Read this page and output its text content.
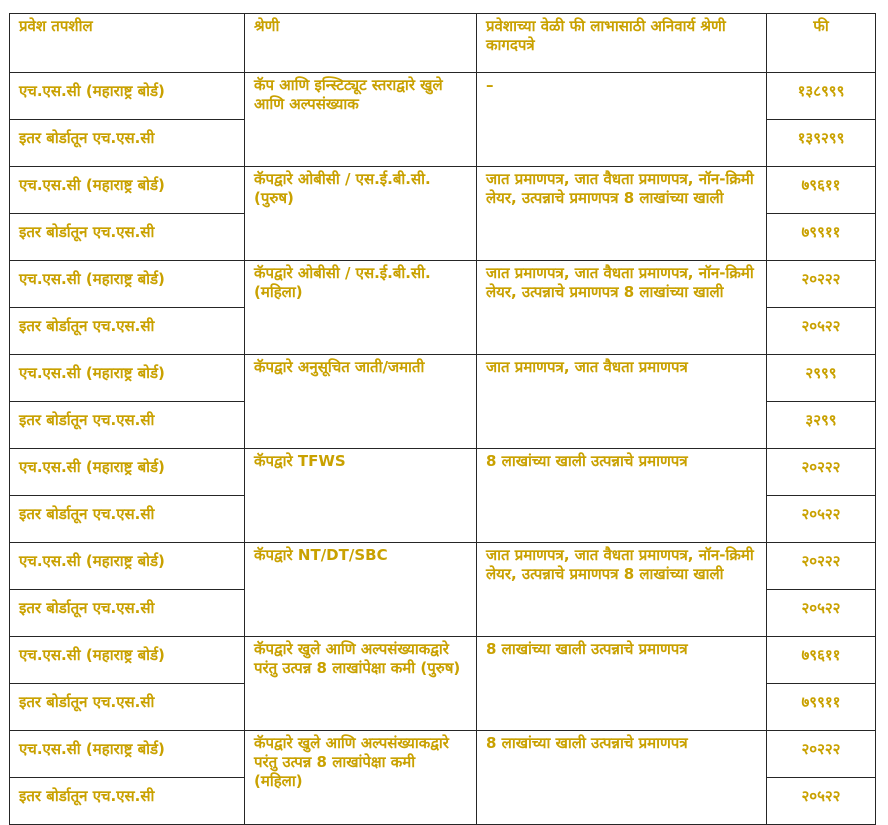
प्रवेश तपशील	श्रेणी	प्रवेशाच्या वेळी फी लाभासाठी अनिवार्य श्रेणी कागदपत्रे	फी
एच.एस.सी (महाराष्ट्र बोर्ड)	कॅप आणि इन्स्टिट्यूट स्तराद्वारे खुले आणि अल्पसंख्याक	–	१३८९९९
इतर बोर्डातून एच.एस.सी			१३९२९९
एच.एस.सी (महाराष्ट्र बोर्ड)	कॅपद्वारे ओबीसी / एस.ई.बी.सी. (पुरुष)	जात प्रमाणपत्र, जात वैधता प्रमाणपत्र, नॉन-क्रिमी लेयर, उत्पन्नाचे प्रमाणपत्र 8 लाखांच्या खाली	७९६११
इतर बोर्डातून एच.एस.सी			७९९११
एच.एस.सी (महाराष्ट्र बोर्ड)	कॅपद्वारे ओबीसी / एस.ई.बी.सी. (महिला)	जात प्रमाणपत्र, जात वैधता प्रमाणपत्र, नॉन-क्रिमी लेयर, उत्पन्नाचे प्रमाणपत्र 8 लाखांच्या खाली	२०२२२
इतर बोर्डातून एच.एस.सी			२०५२२
एच.एस.सी (महाराष्ट्र बोर्ड)	कॅपद्वारे अनुसूचित जाती/जमाती	जात प्रमाणपत्र, जात वैधता प्रमाणपत्र	२९९९
इतर बोर्डातून एच.एस.सी			३२९९
एच.एस.सी (महाराष्ट्र बोर्ड)	कॅपद्वारे TFWS	8 लाखांच्या खाली उत्पन्नाचे प्रमाणपत्र	२०२२२
इतर बोर्डातून एच.एस.सी			२०५२२
एच.एस.सी (महाराष्ट्र बोर्ड)	कॅपद्वारे NT/DT/SBC	जात प्रमाणपत्र, जात वैधता प्रमाणपत्र, नॉन-क्रिमी लेयर, उत्पन्नाचे प्रमाणपत्र 8 लाखांच्या खाली	२०२२२
इतर बोर्डातून एच.एस.सी			२०५२२
एच.एस.सी (महाराष्ट्र बोर्ड)	कॅपद्वारे खुले आणि अल्पसंख्याकद्वारे परंतु उत्पन्न 8 लाखांपेक्षा कमी (पुरुष)	8 लाखांच्या खाली उत्पन्नाचे प्रमाणपत्र	७९६११
इतर बोर्डातून एच.एस.सी			७९९११
एच.एस.सी (महाराष्ट्र बोर्ड)	कॅपद्वारे खुले आणि अल्पसंख्याकद्वारे परंतु उत्पन्न 8 लाखांपेक्षा कमी (महिला)	8 लाखांच्या खाली उत्पन्नाचे प्रमाणपत्र	२०२२२
इतर बोर्डातून एच.एस.सी			२०५२२
